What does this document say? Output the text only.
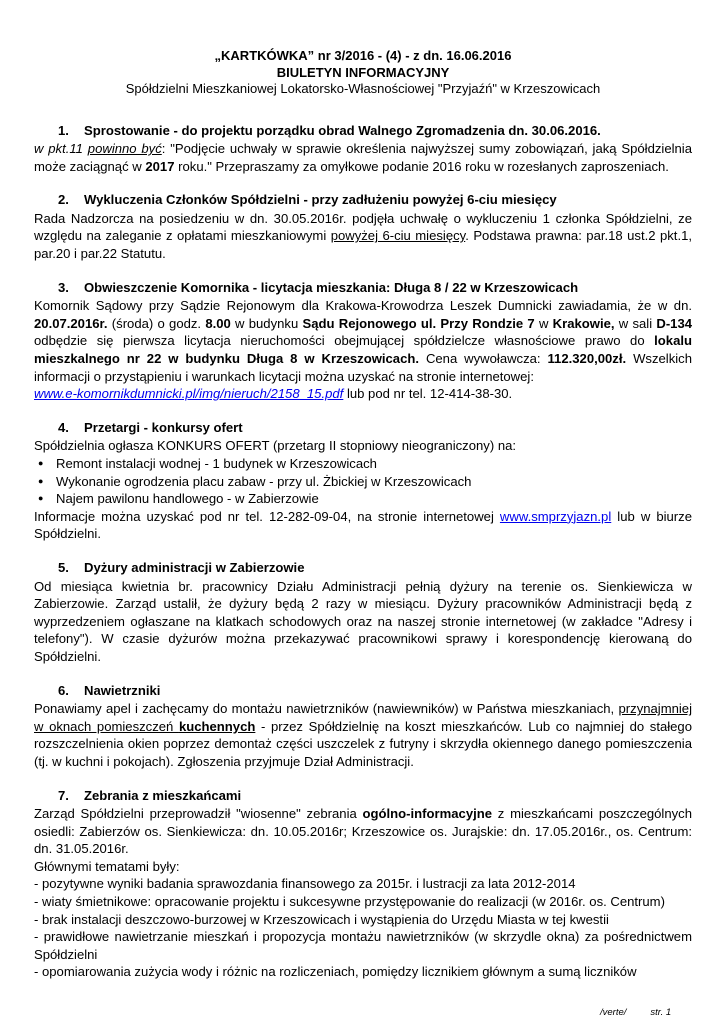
„KARTKÓWKA” nr 3/2016 - (4) - z dn. 16.06.2016
BIULETYN INFORMACYJNY
Spółdzielni Mieszkaniowej Lokatorsko-Własnościowej "Przyjaźń" w Krzeszowicach
1. Sprostowanie - do projektu porządku obrad Walnego Zgromadzenia dn. 30.06.2016.

w pkt.11 powinno być: "Podjęcie uchwały w sprawie określenia najwyższej sumy zobowiązań, jaką Spółdzielnia może zaciągnąć w 2017 roku." Przepraszamy za omyłkowe podanie 2016 roku w rozesłanych zaproszeniach.

2. Wykluczenia Członków Spółdzielni - przy zadłużeniu powyżej 6-ciu miesięcy

Rada Nadzorcza na posiedzeniu w dn. 30.05.2016r. podjęła uchwałę o wykluczeniu 1 członka Spółdzielni, ze względu na zaleganie z opłatami mieszkaniowymi powyżej 6-ciu miesięcy. Podstawa prawna: par.18 ust.2 pkt.1, par.20 i par.22 Statutu.

3. Obwieszczenie Komornika - licytacja mieszkania: Długa 8 / 22 w Krzeszowicach

Komornik Sądowy przy Sądzie Rejonowym dla Krakowa-Krowodrza Leszek Dumnicki zawiadamia, że w dn. 20.07.2016r. (środa) o godz. 8.00 w budynku Sądu Rejonowego ul. Przy Rondzie 7 w Krakowie, w sali D-134 odbędzie się pierwsza licytacja nieruchomości obejmującej spółdzielcze własnościowe prawo do lokalu mieszkalnego nr 22 w budynku Długa 8 w Krzeszowicach. Cena wywoławcza: 112.320,00zł. Wszelkich informacji o przystąpieniu i warunkach licytacji można uzyskać na stronie internetowej:
www.e-komornikdumnicki.pl/img/nieruch/2158_15.pdf lub pod nr tel. 12-414-38-30.

4. Przetargi - konkursy ofert

Spółdzielnia ogłasza KONKURS OFERT (przetarg II stopniowy nieograniczony) na:

● Remont instalacji wodnej - 1 budynek w Krzeszowicach
● Wykonanie ogrodzenia placu zabaw - przy ul. Żbickiej w Krzeszowicach
● Najem pawilonu handlowego - w Zabierzowie

Informacje można uzyskać pod nr tel. 12-282-09-04, na stronie internetowej www.smprzyjazn.pl lub w biurze Spółdzielni.

5. Dyżury administracji w Zabierzowie

Od miesiąca kwietnia br. pracownicy Działu Administracji pełnią dyżury na terenie os. Sienkiewicza w Zabierzowie. Zarząd ustalił, że dyżury będą 2 razy w miesiącu. Dyżury pracowników Administracji będą z wyprzedzeniem ogłaszane na klatkach schodowych oraz na naszej stronie internetowej (w zakładce "Adresy i telefony"). W czasie dyżurów można przekazywać pracownikowi sprawy i korespondencję kierowaną do Spółdzielni.

6. Nawietrzniki

Ponawiamy apel i zachęcamy do montażu nawietrzników (nawiewników) w Państwa mieszkaniach, przynajmniej w oknach pomieszczeń kuchennych - przez Spółdzielnię na koszt mieszkańców. Lub co najmniej do stałego rozszczelnienia okien poprzez demontaż części uszczelek z futryny i skrzydła okiennego danego pomieszczenia (tj. w kuchni i pokojach). Zgłoszenia przyjmuje Dział Administracji.

7. Zebrania z mieszkańcami

Zarząd Spółdzielni przeprowadził "wiosenne" zebrania ogólno-informacyjne z mieszkańcami poszczególnych osiedli: Zabierzów os. Sienkiewicza: dn. 10.05.2016r; Krzeszowice os. Jurajskie: dn. 17.05.2016r., os. Centrum: dn. 31.05.2016r.

Głównymi tematami były:

- pozytywne wyniki badania sprawozdania finansowego za 2015r. i lustracji za lata 2012-2014

- wiaty śmietnikowe: opracowanie projektu i sukcesywne przystępowanie do realizacji (w 2016r. os. Centrum)

- brak instalacji deszczowo-burzowej w Krzeszowicach i wystąpienia do Urzędu Miasta w tej kwestii

- prawidłowe nawietrzanie mieszkań i propozycja montażu nawietrzników (w skrzydle okna) za pośrednictwem Spółdzielni

- opomiarowania zużycia wody i różnic na rozliczeniach, pomiędzy licznikiem głównym a sumą liczników

/verte/	str. 1
